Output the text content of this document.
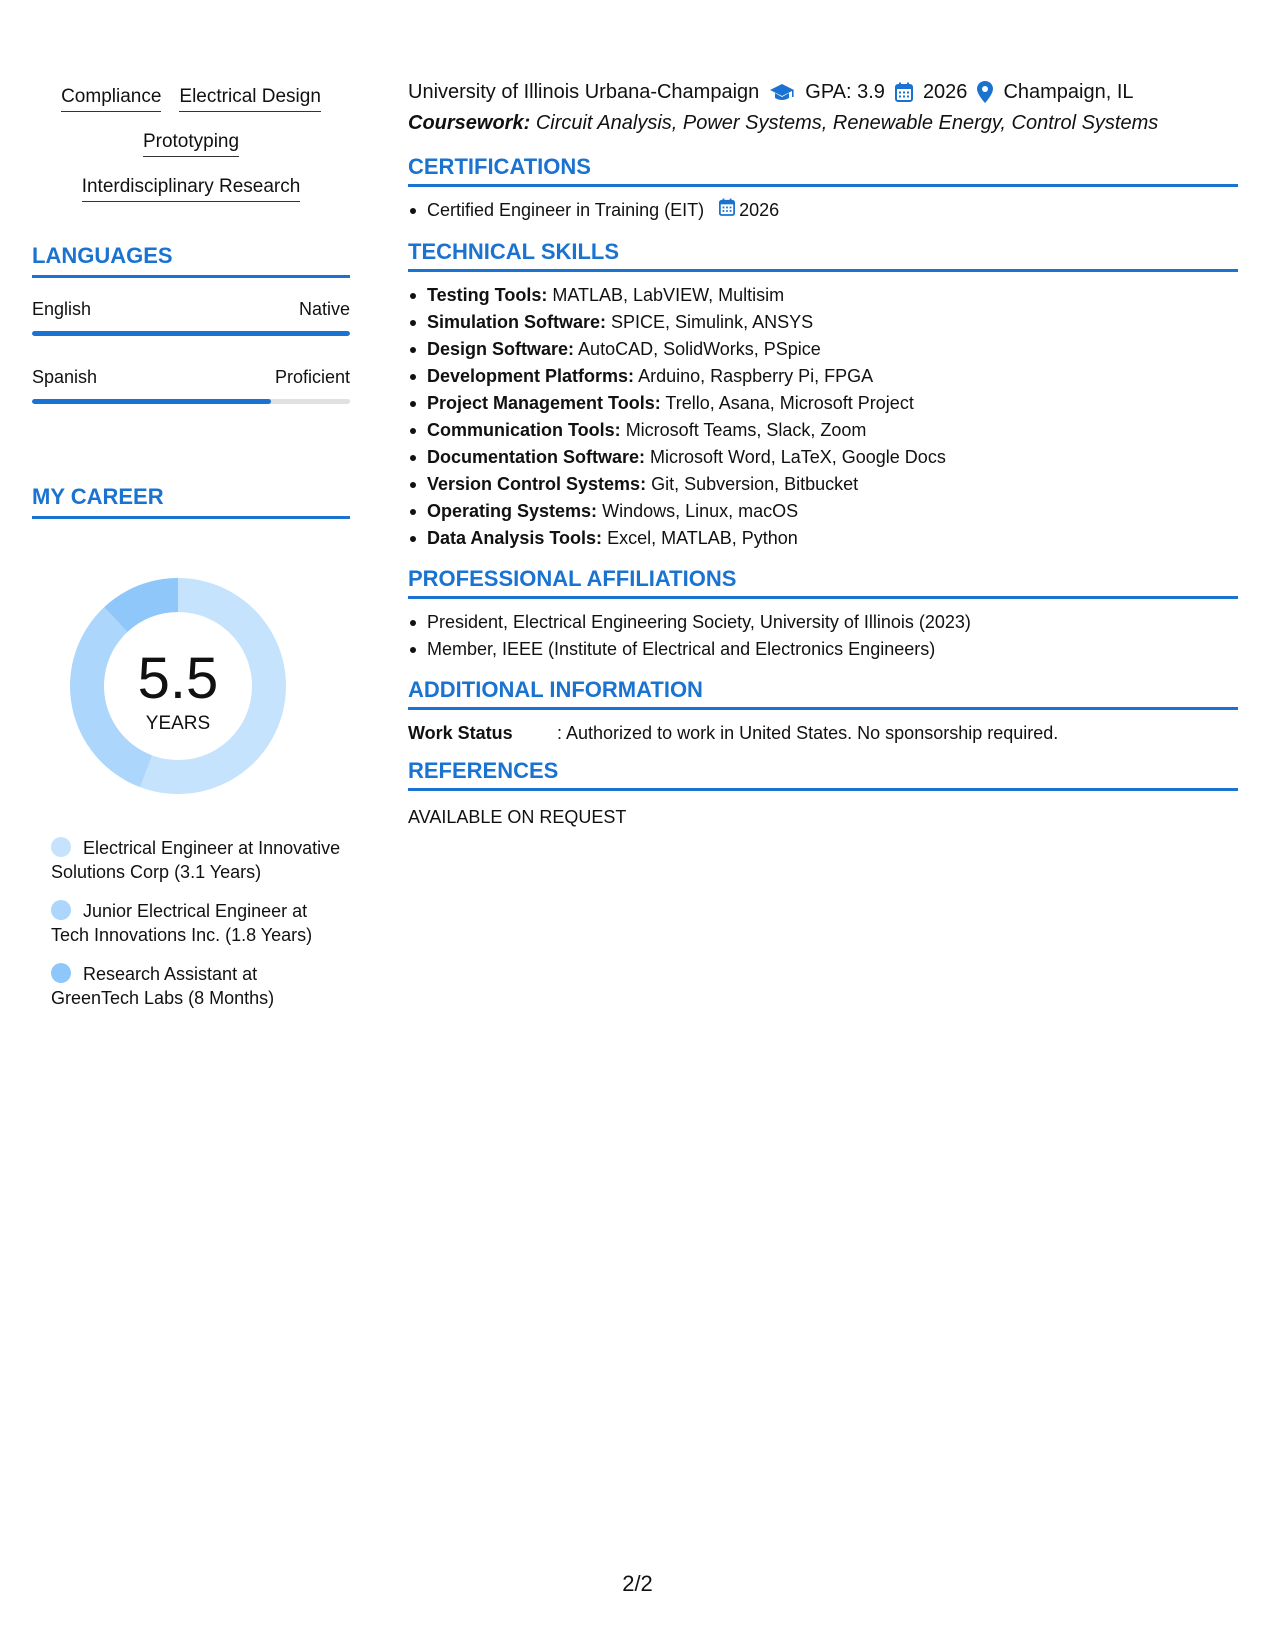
Compliance Electrical Design
Prototyping
Interdisciplinary Research
LANGUAGES
English	Native
Spanish	Proficient
MY CAREER
5.5
YEARS
Electrical Engineer at Innovative Solutions Corp (3.1 Years)
Junior Electrical Engineer at Tech Innovations Inc. (1.8 Years)
Research Assistant at GreenTech Labs (8 Months)
University of Illinois Urbana-Champaign GPA: 3.9 2026 Champaign, IL
Coursework: Circuit Analysis, Power Systems, Renewable Energy, Control Systems
CERTIFICATIONS
Certified Engineer in Training (EIT) 2026
TECHNICAL SKILLS
Testing Tools: MATLAB, LabVIEW, Multisim
Simulation Software: SPICE, Simulink, ANSYS
Design Software: AutoCAD, SolidWorks, PSpice
Development Platforms: Arduino, Raspberry Pi, FPGA
Project Management Tools: Trello, Asana, Microsoft Project
Communication Tools: Microsoft Teams, Slack, Zoom
Documentation Software: Microsoft Word, LaTeX, Google Docs
Version Control Systems: Git, Subversion, Bitbucket
Operating Systems: Windows, Linux, macOS
Data Analysis Tools: Excel, MATLAB, Python
PROFESSIONAL AFFILIATIONS
President, Electrical Engineering Society, University of Illinois (2023)
Member, IEEE (Institute of Electrical and Electronics Engineers)
ADDITIONAL INFORMATION
Work Status	: Authorized to work in United States. No sponsorship required.
REFERENCES
AVAILABLE ON REQUEST
2/2
